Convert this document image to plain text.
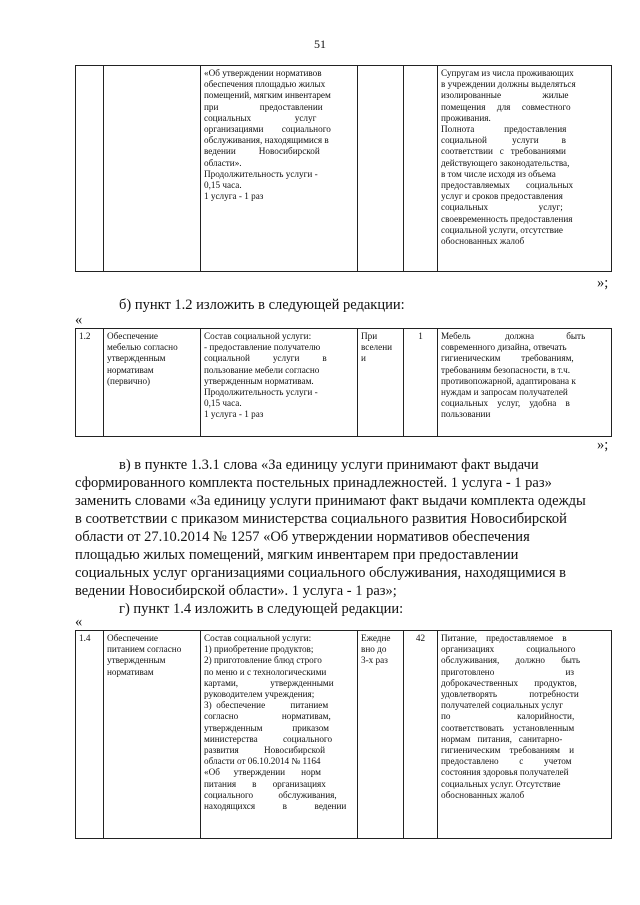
51
		«Об утверждении нормативов
обеспечения площадью жилых
помещений, мягким инвентарем
при                  предоставлении
социальных                   услуг
организациями        социального
обслуживания, находящимися в
ведении          Новосибирской
области».
Продолжительность услуги -
0,15 часа.
1 услуга - 1 раз			Супругам из числа проживающих
в учреждении должны выделяться
изолированные                  жилые
помещения     для     совместного
проживания.
Полнота             предоставления
социальной           услуги          в
соответствии   с   требованиями
действующего законодательства,
в том числе исходя из объема
предоставляемых       социальных
услуг и сроков предоставления
социальных                      услуг;
своевременность предоставления
социальной услуги, отсутствие
обоснованных жалоб
»;
б) пункт 1.2 изложить в следующей редакции:
«
1.2	Обеспечение
мебелью согласно
утвержденным
нормативам
(первично)	Состав социальной услуги:
- предоставление получателю
социальной          услуги          в
пользование мебели согласно
утвержденным нормативам.
Продолжительность услуги -
0,15 часа.
1 услуга - 1 раз	При
вселени
и	1	Мебель               должна              быть
современного дизайна, отвечать
гигиеническим         требованиям,
требованиям безопасности, в т.ч.
противопожарной, адаптирована к
нуждам и запросам получателей
социальных    услуг,    удобна    в
пользовании
»;
в) в пункте 1.3.1 слова «За единицу услуги принимают факт выдачи
сформированного комплекта постельных принадлежностей. 1 услуга - 1 раз»
заменить словами «За единицу услуги принимают факт выдачи комплекта одежды
в соответствии с приказом министерства социального развития Новосибирской
области от 27.10.2014 № 1257 «Об утверждении нормативов обеспечения
площадью жилых помещений, мягким инвентарем при предоставлении
социальных услуг организациями социального обслуживания, находящимися в
ведении Новосибирской области». 1 услуга - 1 раз»;
г) пункт 1.4 изложить в следующей редакции:
«
1.4	Обеспечение
питанием согласно
утвержденным
нормативам	Состав социальной услуги:
1) приобретение продуктов;
2) приготовление блюд строго
по меню и с технологическими
картами,              утвержденными
руководителем учреждения;
3)  обеспечение           питанием
согласно                   нормативам,
утвержденным             приказом
министерства           социального
развития           Новосибирской
области от 06.10.2014 № 1164
«Об      утверждении       норм
питания       в       организациях
социального           обслуживания,
находящихся            в            ведении	Ежедне
вно до
3-х раз	42	Питание,    предоставляемое    в
организациях              социального
обслуживания,       должно       быть
приготовлено                               из
доброкачественных       продуктов,
удовлетворять              потребности
получателей социальных услуг
по                             калорийности,
соответствовать    установленным
нормам   питания,   санитарно-
гигиеническим    требованиям    и
предоставлено         с         учетом
состояния здоровья получателей
социальных услуг. Отсутствие
обоснованных жалоб
